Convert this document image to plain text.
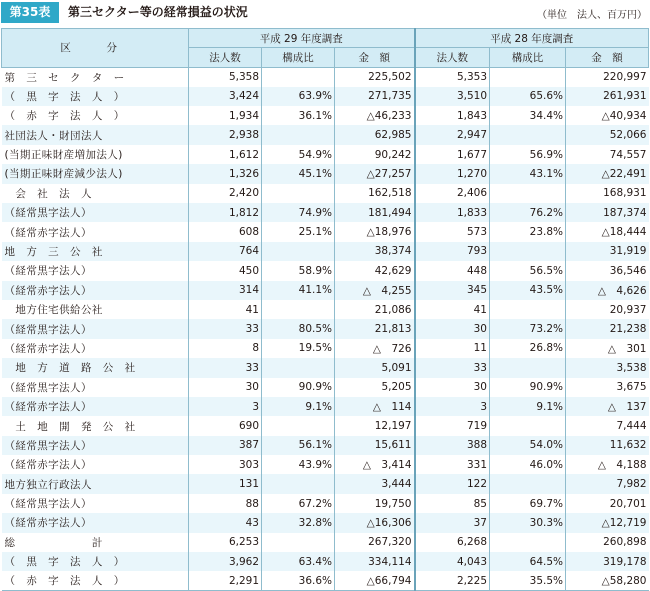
第35表	第三セクター等の経常損益の状況	（単位　法人、百万円）
区　分	平成 29 年度調査			平成 28 年度調査		
	法人数	構成比	金　額	法人数	構成比	金　額
第　三　セ　ク　タ　ー	5,358		225,502	5,353		220,997
（　黒　字　法　人　）	3,424	63.9%	271,735	3,510	65.6%	261,931
（　赤　字　法　人　）	1,934	36.1%	△46,233	1,843	34.4%	△40,934
社団法人・財団法人	2,938		62,985	2,947		52,066
(当期正味財産増加法人)	1,612	54.9%	90,242	1,677	56.9%	74,557
(当期正味財産減少法人)	1,326	45.1%	△27,257	1,270	43.1%	△22,491
　会　社　法　人	2,420		162,518	2,406		168,931
（経常黒字法人）	1,812	74.9%	181,494	1,833	76.2%	187,374
（経常赤字法人）	608	25.1%	△18,976	573	23.8%	△18,444
地　方　三　公　社	764		38,374	793		31,919
（経常黒字法人）	450	58.9%	42,629	448	56.5%	36,546
（経常赤字法人）	314	41.1%	△　4,255	345	43.5%	△　4,626
　地方住宅供給公社	41		21,086	41		20,937
（経常黒字法人）	33	80.5%	21,813	30	73.2%	21,238
（経常赤字法人）	8	19.5%	△　726	11	26.8%	△　301
　地　方　道　路　公　社	33		5,091	33		3,538
（経常黒字法人）	30	90.9%	5,205	30	90.9%	3,675
（経常赤字法人）	3	9.1%	△　114	3	9.1%	△　137
　土　地　開　発　公　社	690		12,197	719		7,444
（経常黒字法人）	387	56.1%	15,611	388	54.0%	11,632
（経常赤字法人）	303	43.9%	△　3,414	331	46.0%	△　4,188
地方独立行政法人	131		3,444	122		7,982
（経常黒字法人）	88	67.2%	19,750	85	69.7%	20,701
（経常赤字法人）	43	32.8%	△16,306	37	30.3%	△12,719
総　　　　　　　計	6,253		267,320	6,268		260,898
（　黒　字　法　人　）	3,962	63.4%	334,114	4,043	64.5%	319,178
（　赤　字　法　人　）	2,291	36.6%	△66,794	2,225	35.5%	△58,280
